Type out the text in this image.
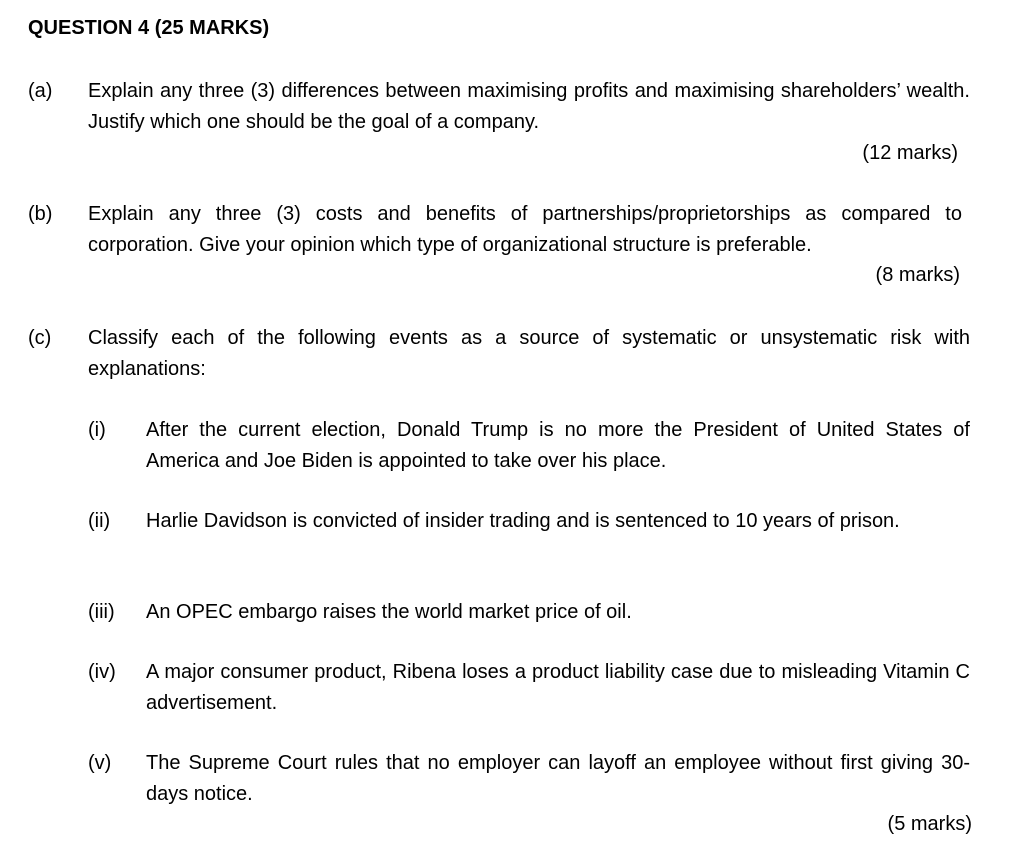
QUESTION 4 (25 MARKS)
(a) Explain any three (3) differences between maximising profits and maximising shareholders’ wealth. Justify which one should be the goal of a company.
(12 marks)
(b) Explain any three (3) costs and benefits of partnerships/proprietorships as compared to corporation. Give your opinion which type of organizational structure is preferable.
(8 marks)
(c) Classify each of the following events as a source of systematic or unsystematic risk with explanations:
(i) After the current election, Donald Trump is no more the President of United States of America and Joe Biden is appointed to take over his place.
(ii) Harlie Davidson is convicted of insider trading and is sentenced to 10 years of prison.
(iii) An OPEC embargo raises the world market price of oil.
(iv) A major consumer product, Ribena loses a product liability case due to misleading Vitamin C advertisement.
(v) The Supreme Court rules that no employer can layoff an employee without first giving 30-days notice.
(5 marks)
